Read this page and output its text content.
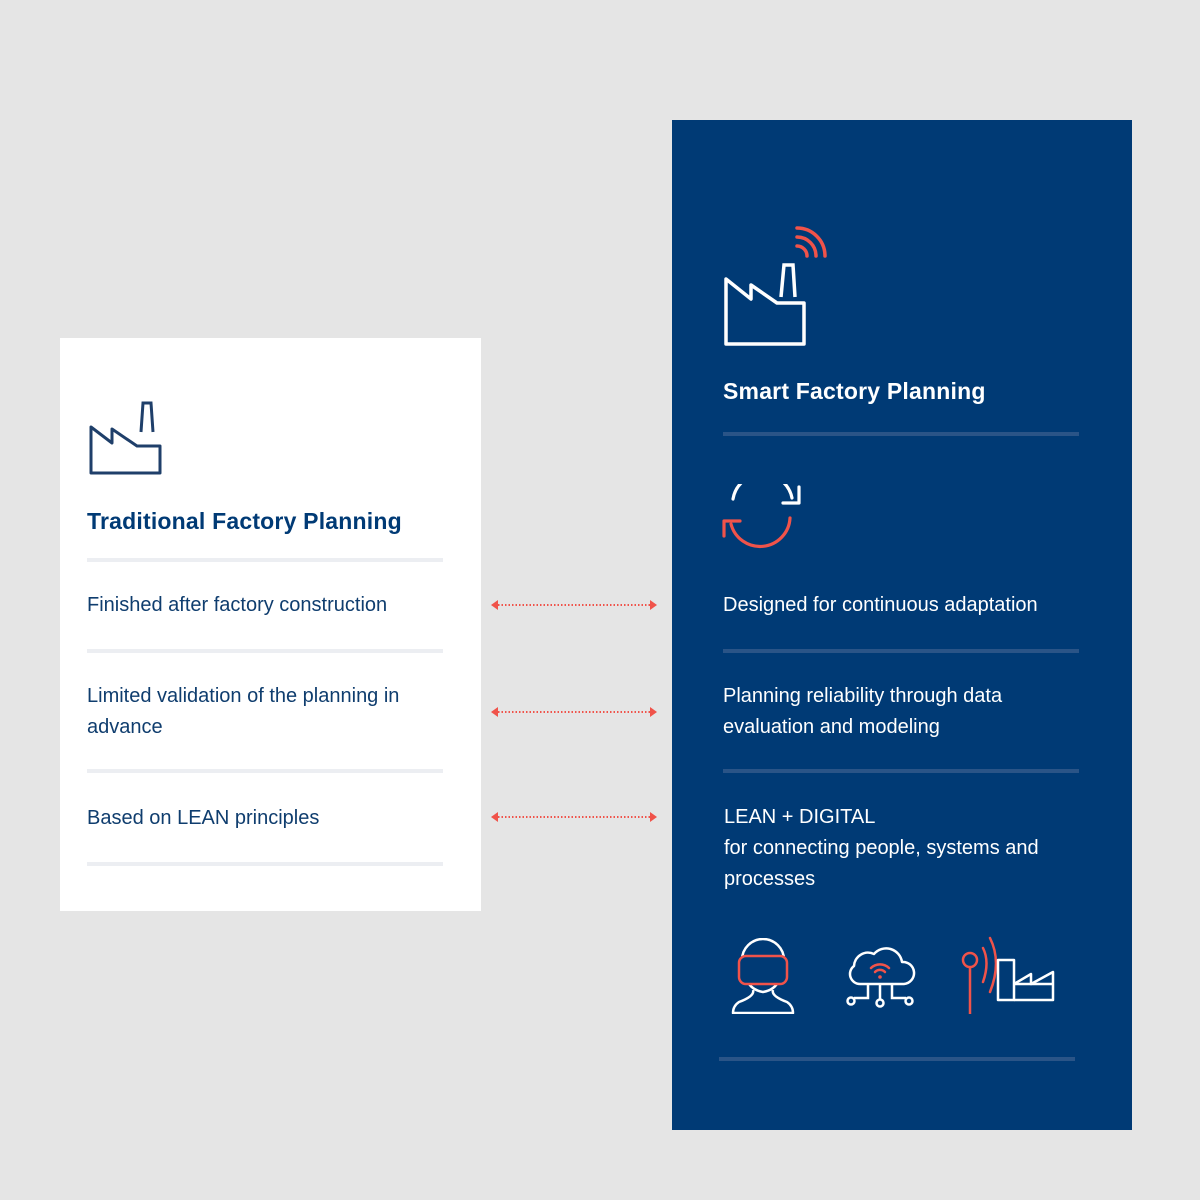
Traditional Factory Planning
Finished after factory construction
Limited validation of the planning in advance
Based on LEAN principles
Smart Factory Planning
Designed for continuous adaptation
Planning reliability through data evaluation and modeling
LEAN + DIGITAL
for connecting people, systems and processes
